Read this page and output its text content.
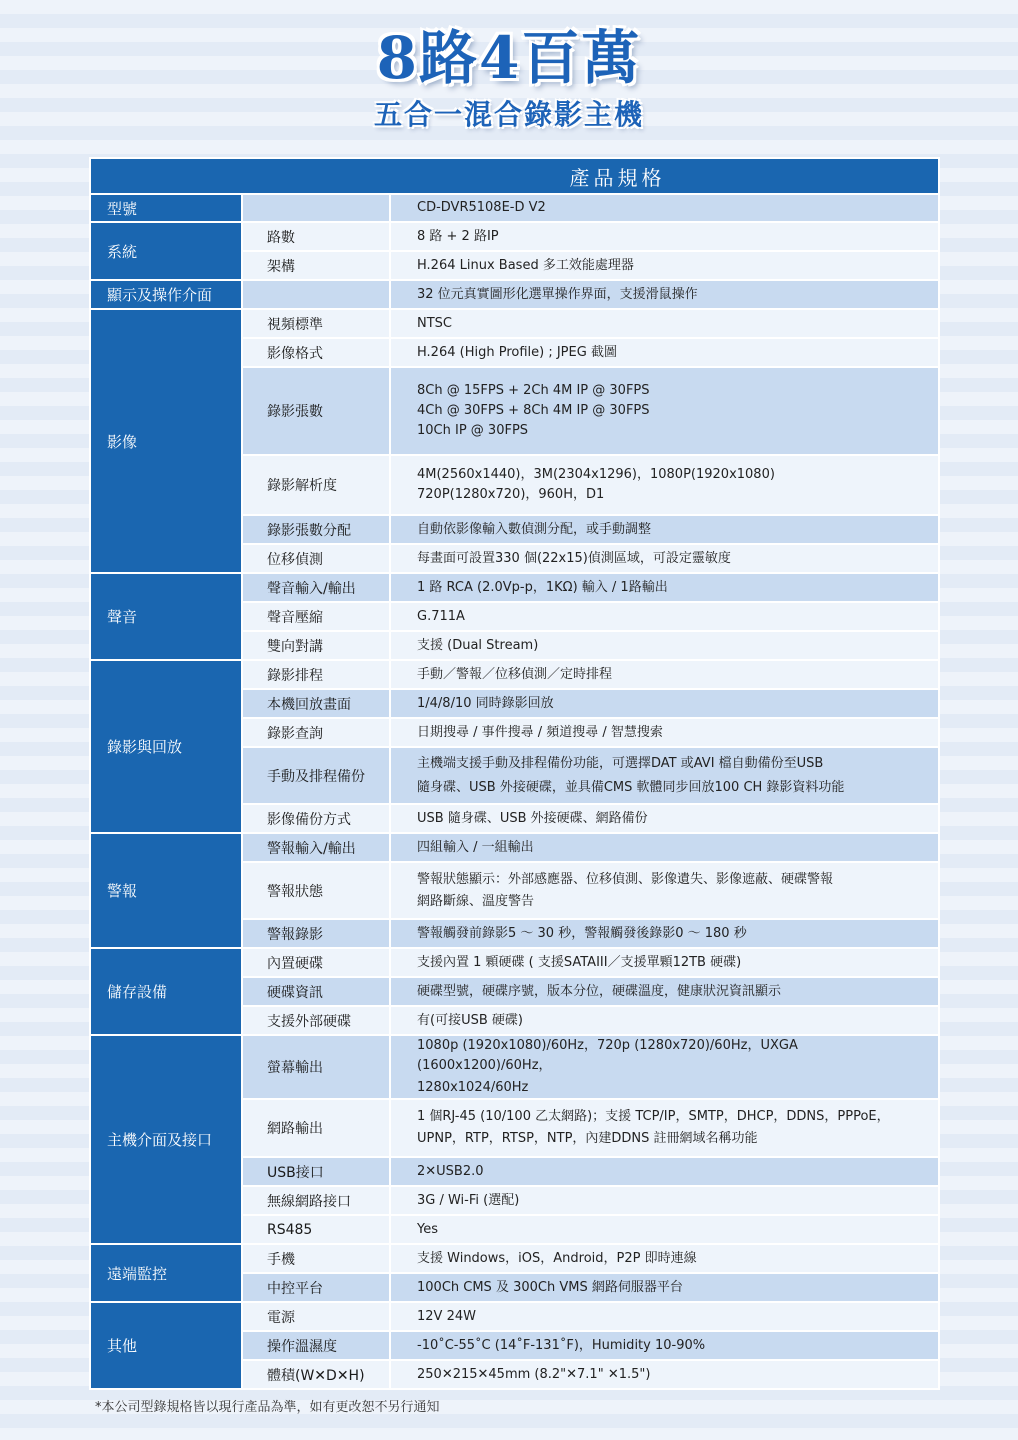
8路4百萬
五合一混合錄影主機
產品規格		
型號		CD-DVR5108E-D V2

系統	路數	8 路 + 2 路IP

	架構	H.264 Linux Based 多工效能處理器

顯示及操作介面		32 位元真實圖形化選單操作界面，支援滑鼠操作

影像	視頻標準	NTSC

	影像格式	H.264 (High Profile) ; JPEG 截圖

	錄影張數	8Ch @ 15FPS + 2Ch 4M IP @ 30FPS
4Ch @ 30FPS + 8Ch 4M IP @ 30FPS
10Ch IP @ 30FPS

	錄影解析度	4M(2560x1440)，3M(2304x1296)，1080P(1920x1080)
720P(1280x720)，960H，D1

	錄影張數分配	自動依影像輸入數偵測分配，或手動調整

	位移偵測	每畫面可設置330 個(22x15)偵測區域，可設定靈敏度

聲音	聲音輸入/輸出	1 路 RCA (2.0Vp-p，1KΩ) 輸入 / 1路輸出

	聲音壓縮	G.711A

	雙向對講	支援 (Dual Stream)

錄影與回放	錄影排程	手動／警報／位移偵測／定時排程

	本機回放畫面	1/4/8/10 同時錄影回放

	錄影查詢	日期搜尋 / 事件搜尋 / 頻道搜尋 / 智慧搜索

	手動及排程備份	主機端支援手動及排程備份功能，可選擇DAT 或AVI 檔自動備份至USB
隨身碟、USB 外接硬碟，並具備CMS 軟體同步回放100 CH 錄影資料功能

	影像備份方式	USB 隨身碟、USB 外接硬碟、網路備份

警報	警報輸入/輸出	四組輸入 / 一組輸出

	警報狀態	警報狀態顯示：外部感應器、位移偵測、影像遺失、影像遮蔽、硬碟警報
網路斷線、溫度警告

	警報錄影	警報觸發前錄影5 ～ 30 秒，警報觸發後錄影0 ～ 180 秒

儲存設備	內置硬碟	支援內置 1 顆硬碟 ( 支援SATAIII／支援單顆12TB 硬碟)

	硬碟資訊	硬碟型號，硬碟序號，版本分位，硬碟溫度，健康狀況資訊顯示

	支援外部硬碟	有(可接USB 硬碟)

主機介面及接口	螢幕輸出	1080p (1920x1080)/60Hz，720p (1280x720)/60Hz，UXGA (1600x1200)/60Hz，
1280x1024/60Hz

	網路輸出	1 個RJ-45 (10/100 乙太網路)；支援 TCP/IP，SMTP，DHCP，DDNS，PPPoE，
UPNP，RTP，RTSP，NTP，內建DDNS 註冊網域名稱功能

	USB接口	2✕USB2.0

	無線網路接口	3G / Wi-Fi (選配)

	RS485	Yes

遠端監控	手機	支援 Windows，iOS，Android，P2P 即時連線

	中控平台	100Ch CMS 及 300Ch VMS 網路伺服器平台

其他	電源	12V 24W

	操作溫濕度	-10˚C-55˚C (14˚F-131˚F)，Humidity 10-90%

	體積(W✕D✕H)	250✕215✕45mm (8.2"✕7.1" ✕1.5")
*本公司型錄規格皆以現行產品為準，如有更改恕不另行通知
